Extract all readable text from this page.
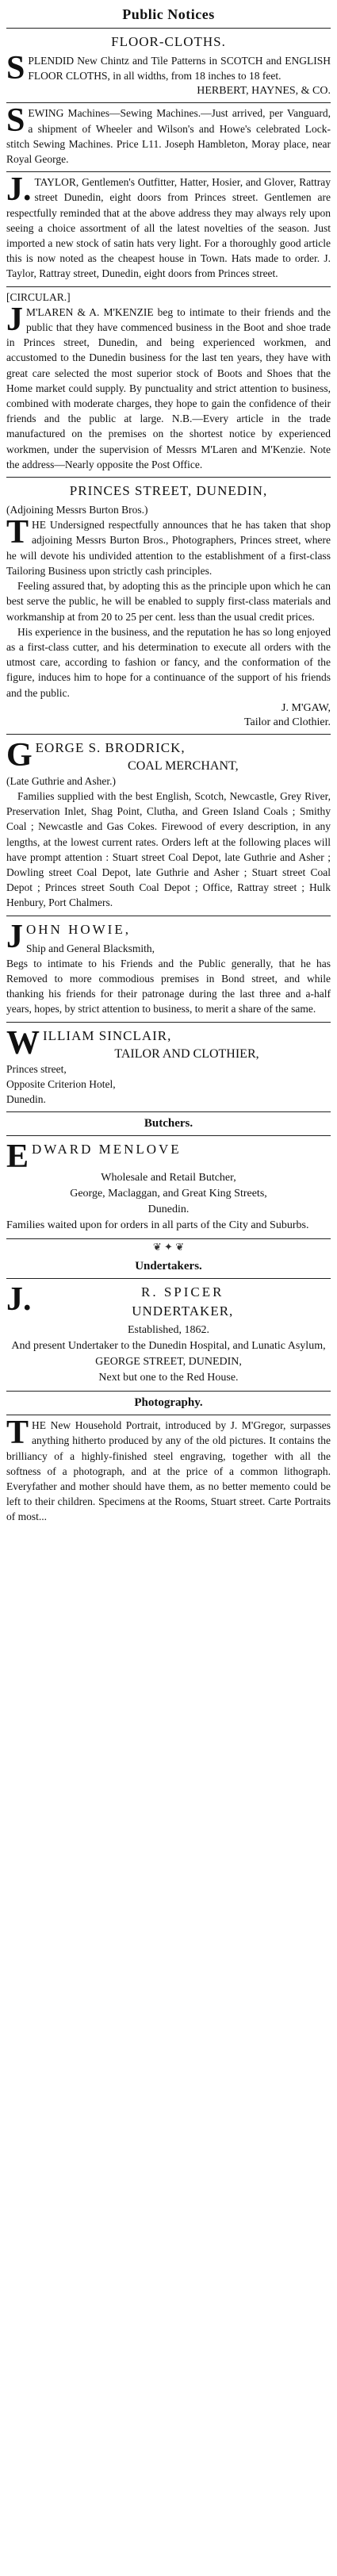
Public Notices
FLOOR-CLOTHS.

S PLENDID New Chintz and Tile Patterns in SCOTCH and ENGLISH FLOOR CLOTHS, in all widths, from 18 inches to 18 feet.

HERBERT, HAYNES, & CO.

S EWING Machines—Sewing Machines.—Just arrived, per Vanguard, a shipment of Wheeler and Wilson's and Howe's celebrated Lock-stitch Sewing Machines. Price L11. Joseph Hambleton, Moray place, near Royal George.

J. TAYLOR, Gentlemen's Outfitter, Hatter, Hosier, and Glover, Rattray street Dunedin, eight doors from Princes street. Gentlemen are respectfully reminded that at the above address they may always rely upon seeing a choice assortment of all the latest novelties of the season. Just imported a new stock of satin hats very light. For a thoroughly good article this is now noted as the cheapest house in Town. Hats made to order. J. Taylor, Rattray street, Dunedin, eight doors from Princes street.

[CIRCULAR.]

J M'LAREN & A. M'KENZIE beg to intimate to their friends and the public that they have commenced business in the Boot and shoe trade in Princes street, Dunedin, and being experienced workmen, and accustomed to the Dunedin business for the last ten years, they have with great care selected the most superior stock of Boots and Shoes that the Home market could supply. By punctuality and strict attention to business, combined with moderate charges, they hope to gain the confidence of their friends and the public at large. N.B.—Every article in the trade manufactured on the premises on the shortest notice by experienced workmen, under the supervision of Messrs M'Laren and M'Kenzie. Note the address—Nearly opposite the Post Office.

PRINCES STREET, DUNEDIN,
(Adjoining Messrs Burton Bros.)

T HE Undersigned respectfully announces that he has taken that shop adjoining Messrs Burton Bros., Photographers, Princes street, where he will devote his undivided attention to the establishment of a first-class Tailoring Business upon strictly cash principles.

Feeling assured that, by adopting this as the principle upon which he can best serve the public, he will be enabled to supply first-class materials and workmanship at from 20 to 25 per cent. less than the usual credit prices.

His experience in the business, and the reputation he has so long enjoyed as a first-class cutter, and his determination to execute all orders with the utmost care, according to fashion or fancy, and the conformation of the figure, induces him to hope for a continuance of the support of his friends and the public.

J. M'GAW,
Tailor and Clothier.
G EORGE S. BRODRICK,
COAL MERCHANT,
(Late Guthrie and Asher.)

Families supplied with the best English, Scotch, Newcastle, Grey River, Preservation Inlet, Shag Point, Clutha, and Green Island Coals ; Smithy Coal ; Newcastle and Gas Cokes. Firewood of every description, in any lengths, at the lowest current rates. Orders left at the following places will have prompt attention : Stuart street Coal Depot, late Guthrie and Asher ; Dowling street Coal Depot, late Guthrie and Asher ; Stuart street Coal Depot ; Princes street South Coal Depot ; Office, Rattray street ; Hulk Henbury, Port Chalmers.

J OHN HOWIE,
Ship and General Blacksmith,

Begs to intimate to his Friends and the Public generally, that he has Removed to more commodious premises in Bond street, and while thanking his friends for their patronage during the last three and a-half years, hopes, by strict attention to business, to merit a share of the same.

W ILLIAM SINCLAIR,
TAILOR AND CLOTHIER,
Princes street,
Opposite Criterion Hotel,
Dunedin.
Butchers.
E DWARD MENLOVE

Wholesale and Retail Butcher,

George, Maclaggan, and Great King Streets,

Dunedin.

Families waited upon for orders in all parts of the City and Suburbs.

❦ ✦ ❦
Undertakers.
J.	R. SPICER
UNDERTAKER,

Established, 1862.

And present Undertaker to the Dunedin Hospital, and Lunatic Asylum,

GEORGE STREET, DUNEDIN,

Next but one to the Red House.

Photography.

T HE New Household Portrait, introduced by J. M'Gregor, surpasses anything hitherto produced by any of the old pictures. It contains the brilliancy of a highly-finished steel engraving, together with all the softness of a photograph, and at the price of a common lithograph. Everyfather and mother should have them, as no better memento could be left to their children. Specimens at the Rooms, Stuart street. Carte Portraits of most...
